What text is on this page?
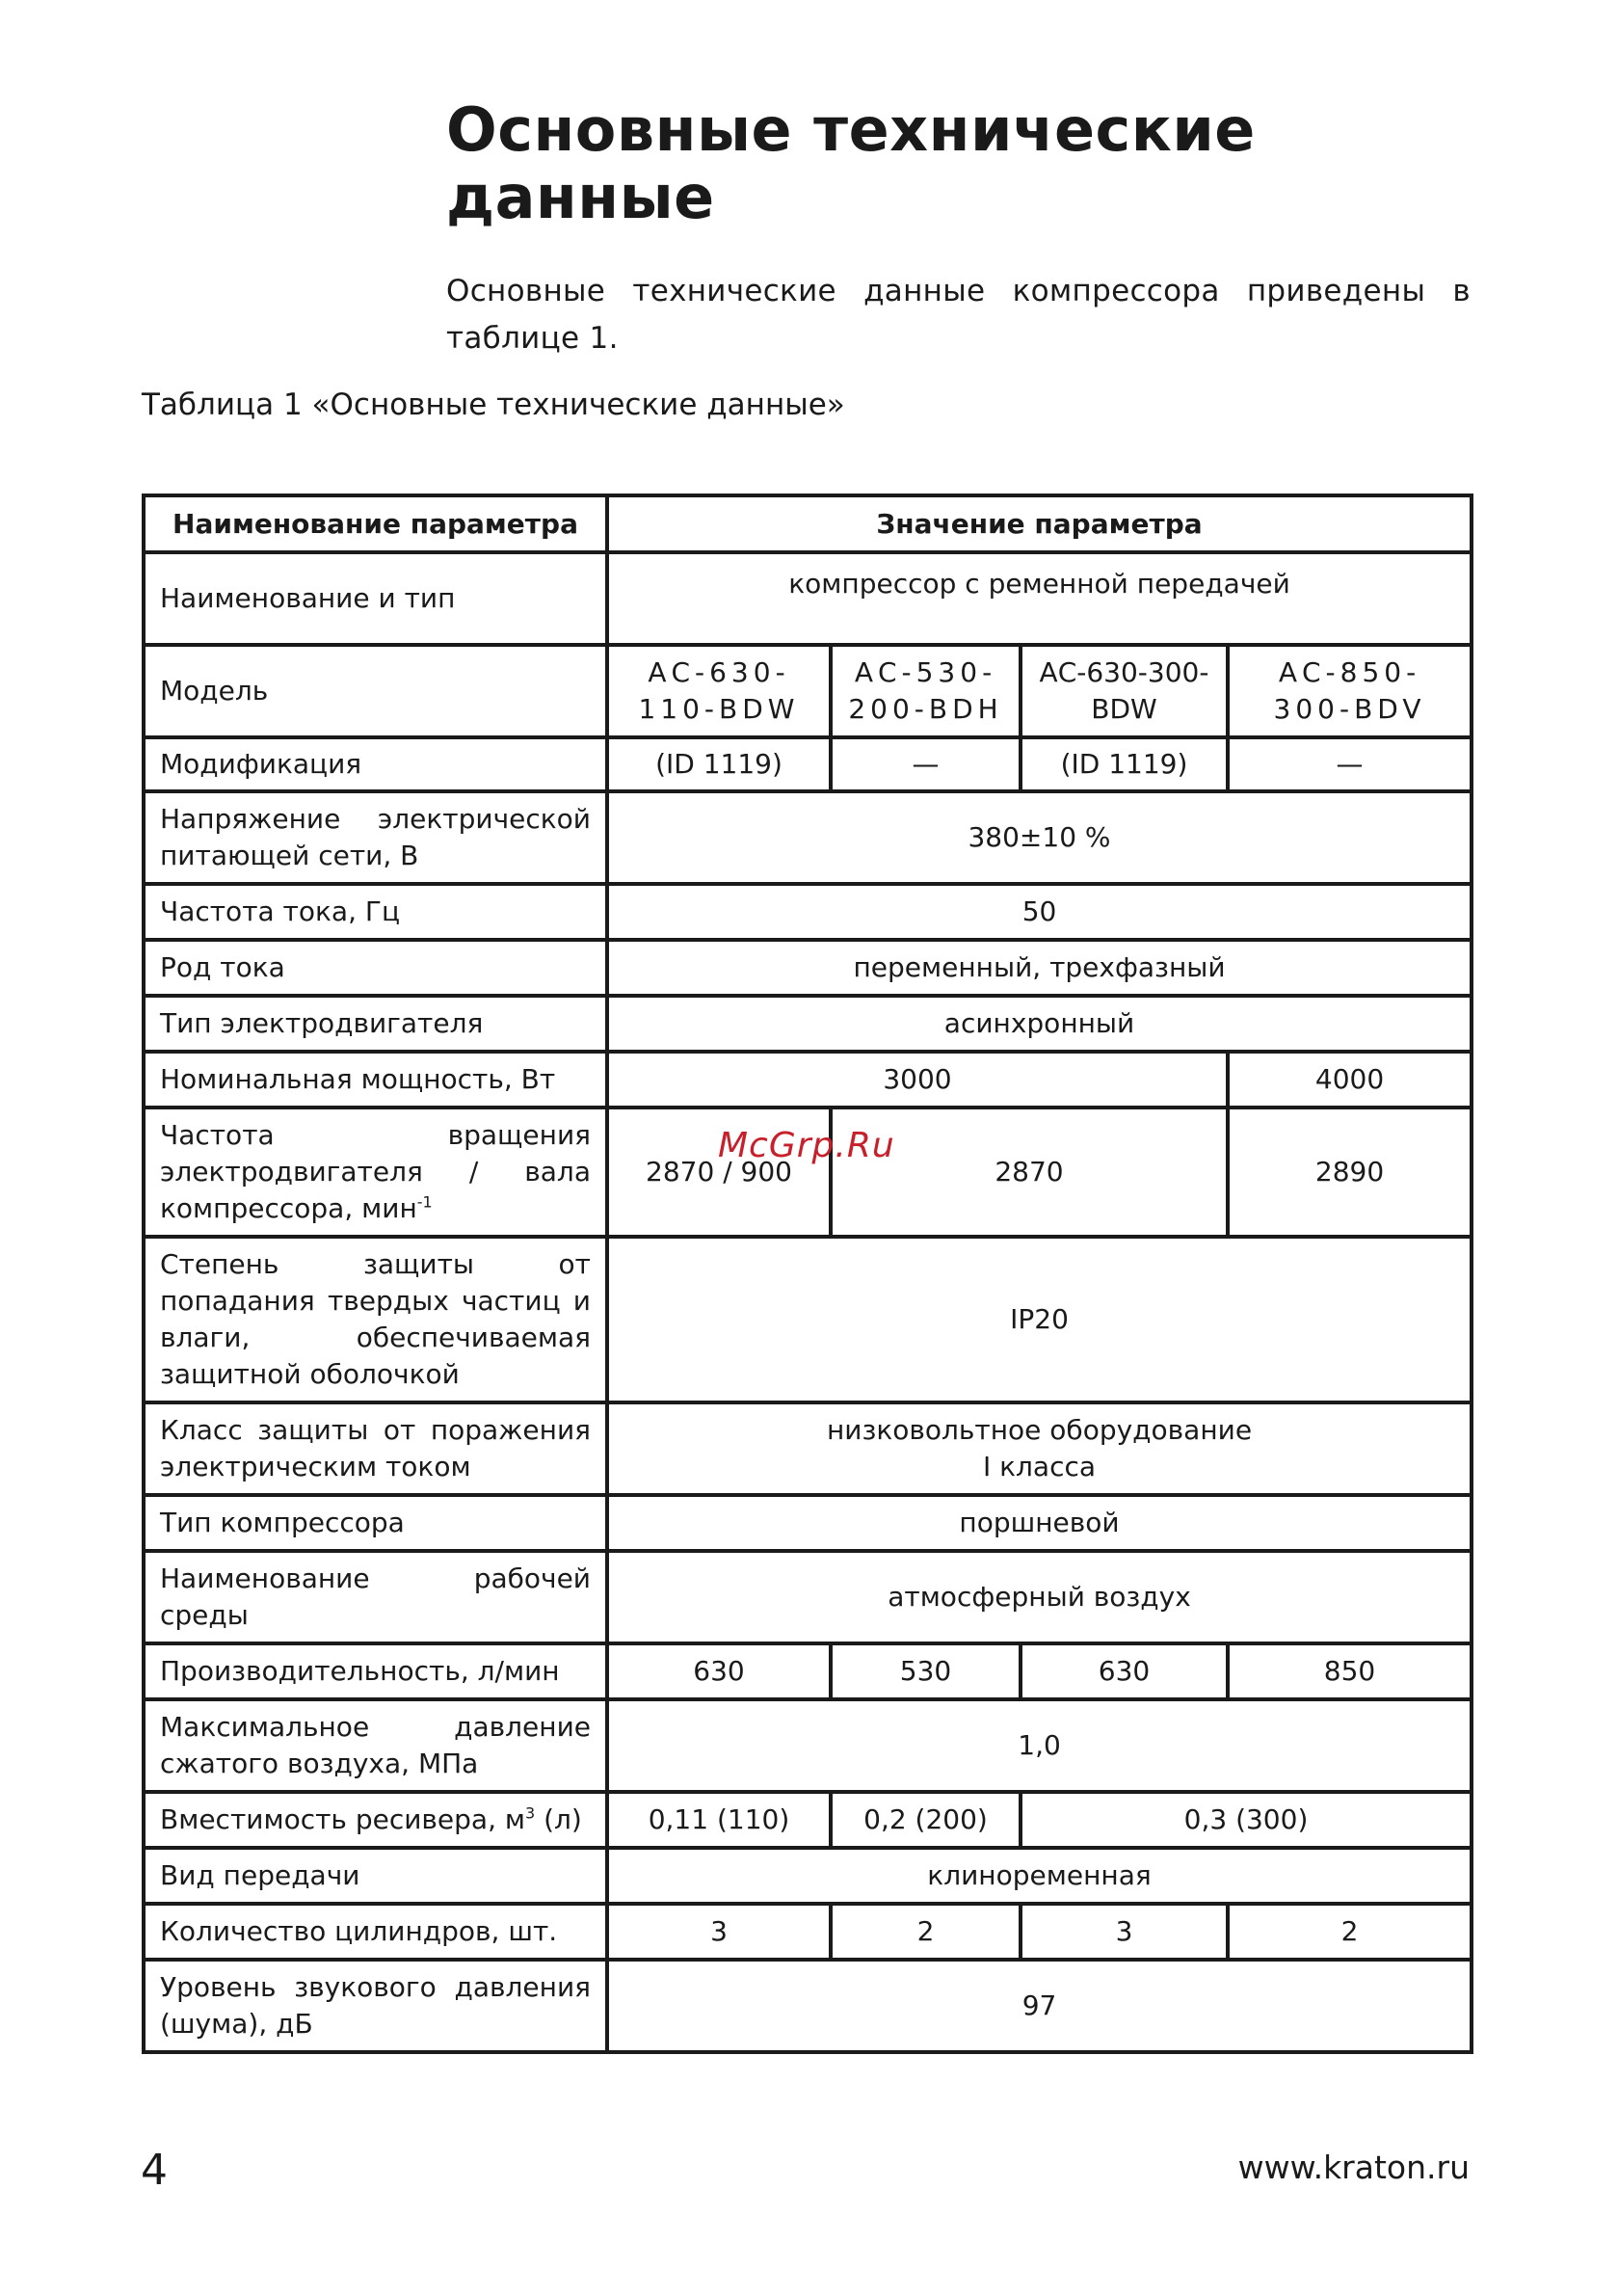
Основные технические данные

Основные технические данные компрессора приведены в таблице 1.

Таблица 1 «Основные технические данные»

Наименование параметра	Значение параметра			
Наименование и тип	компрессор с ременной передачей			
Модель	АС-630-110-BDW	АС-530-200-BDH	АС-630-300-BDW	АС-850-300-BDV
Модификация	(ID 1119)	—	(ID 1119)	—
Напряжение электрической питающей сети, В	380±10 %			
Частота тока, Гц	50			
Род тока	переменный, трехфазный			
Тип электродвигателя	асинхронный			
Номинальная мощность, Вт	3000			4000
Частота вращения электродвигателя / вала компрессора, мин$^{-1}$	2870 / 900	2870		2890
Степень защиты от попадания твердых частиц и влаги, обеспечиваемая защитной оболочкой	IP20			
Класс защиты от поражения электрическим током	низковольтное оборудование
I класса			

Тип компрессора	поршневой			
Наименование рабочей среды	атмосферный воздух			
Производительность, л/мин	630	530	630	850
Максимальное давление сжатого воздуха, МПа	1,0			
Вместимость ресивера, $м^3$ (л)	0,11 (110)	0,2 (200)	0,3 (300)	
Вид передачи	клиноременная			
Количество цилиндров, шт.	3	2	3	2
Уровень звукового давления (шума), дБ	97			
McGrp.Ru
4	www.kraton.ru
